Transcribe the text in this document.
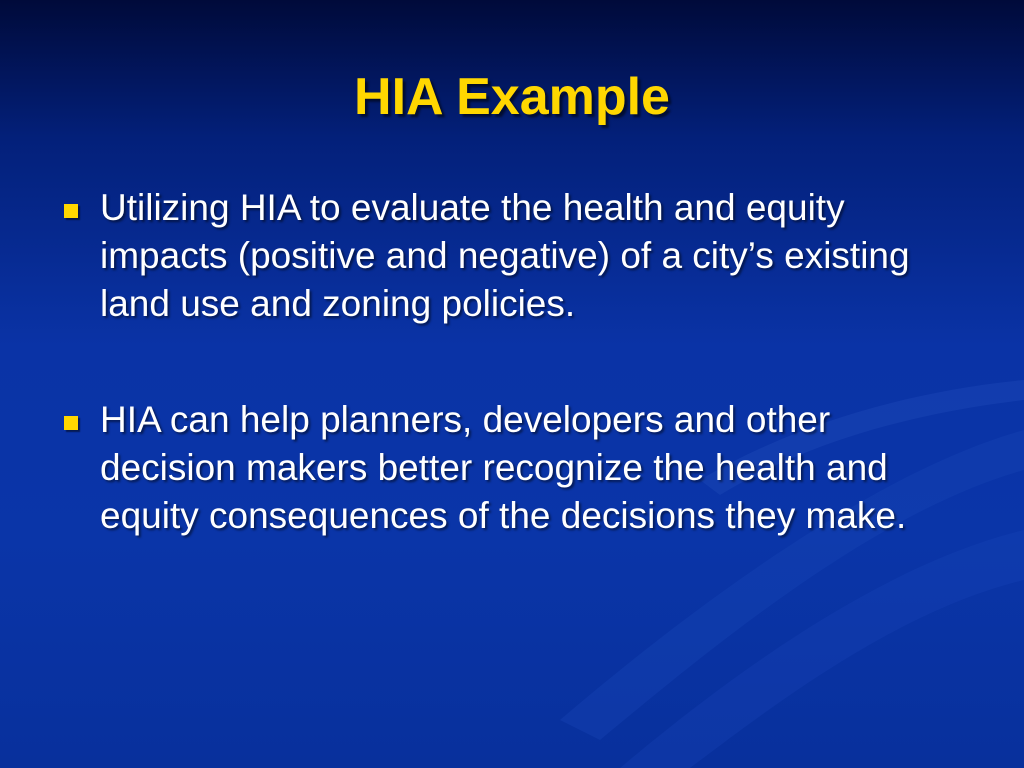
HIA Example
Utilizing HIA to evaluate the health and equity impacts (positive and negative) of a city’s existing land use and zoning policies.
HIA can help planners, developers and other decision makers better recognize the health and equity consequences of the decisions they make.
